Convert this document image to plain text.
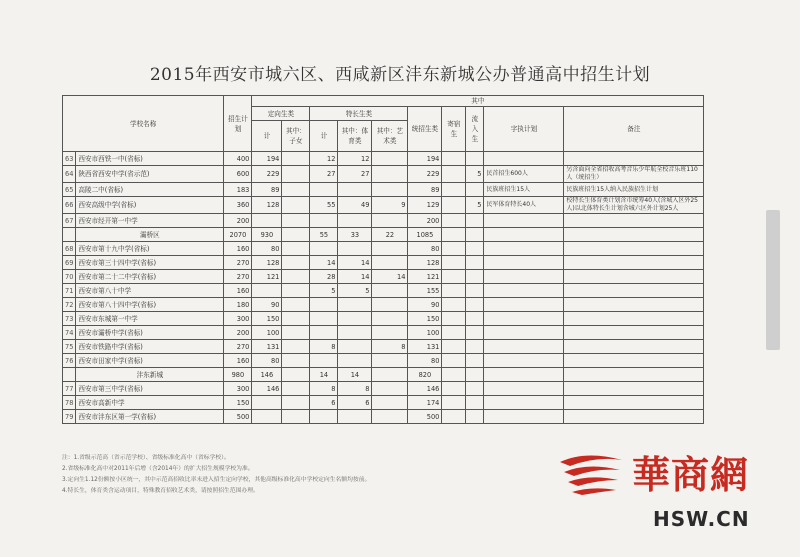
2015年西安市城六区、西咸新区沣东新城公办普通高中招生计划
学校名称		招生计划	其中									
			定向生类		特长生类			统招生类	寄宿生	流入生	字执计划	备注
			计	其中：子女	计	其中：体育类	其中：艺术类					
63	西安市西铁一中(省标)	400	194		12	12		194				
64	陕西省西安中学(省示范)	600	229		27	27		229		5	民首招生600人	另含面向全省招收高考音乐少年航全校音乐班110人（统招生）
65	高陵二中(省标)	183	89					89			民族班招生15人	民族班招生15人纳入民族招生计划
66	西安高级中学(省标)	360	128		55	49	9	129		5	民军体育特长40人	校特长生体育类计划含市统筹40人(含城入区外25人)以北体特长生计划含城六区外计划25人
67	西安市经开第一中学	200						200				
	灞桥区	2070	930		55	33	22	1085				
68	西安市第十九中学(省标)	160	80					80				
69	西安市第三十四中学(省标)	270	128		14	14		128				
70	西安市第二十二中学(省标)	270	121		28	14	14	121				
71	西安市第八十中学	160			5	5		155				
72	西安市第八十四中学(省标)	180	90					90				
73	西安市东城第一中学	300	150					150				
74	西安市灞桥中学(省标)	200	100					100				
75	西安市铁路中学(省标)	270	131		8		8	131				
76	西安市田家中学(省标)	160	80					80				
	沣东新城	980	146		14	14		820				
77	西安市第三中学(省标)	300	146		8	8		146				
78	西安市高新中学	150			6	6		174				
79	西安市沣东区第一学(省标)	500						500				
注：1.省级示范高（省示范学校）、省级标准化高中（省标学校）。
2.省级标准化高中对2011年后增（含2014年）的扩大招生规模学校为准。
3.定向生1.12份额按小区统一，其中示范高招收比率未进入招生定向学校，其他高级标准化高中学校定向生名额均按前。
4.特长生，体育类含运动项目，特殊教育招收艺术类，请按照招生范围办理。	華商網
HSW.CN
